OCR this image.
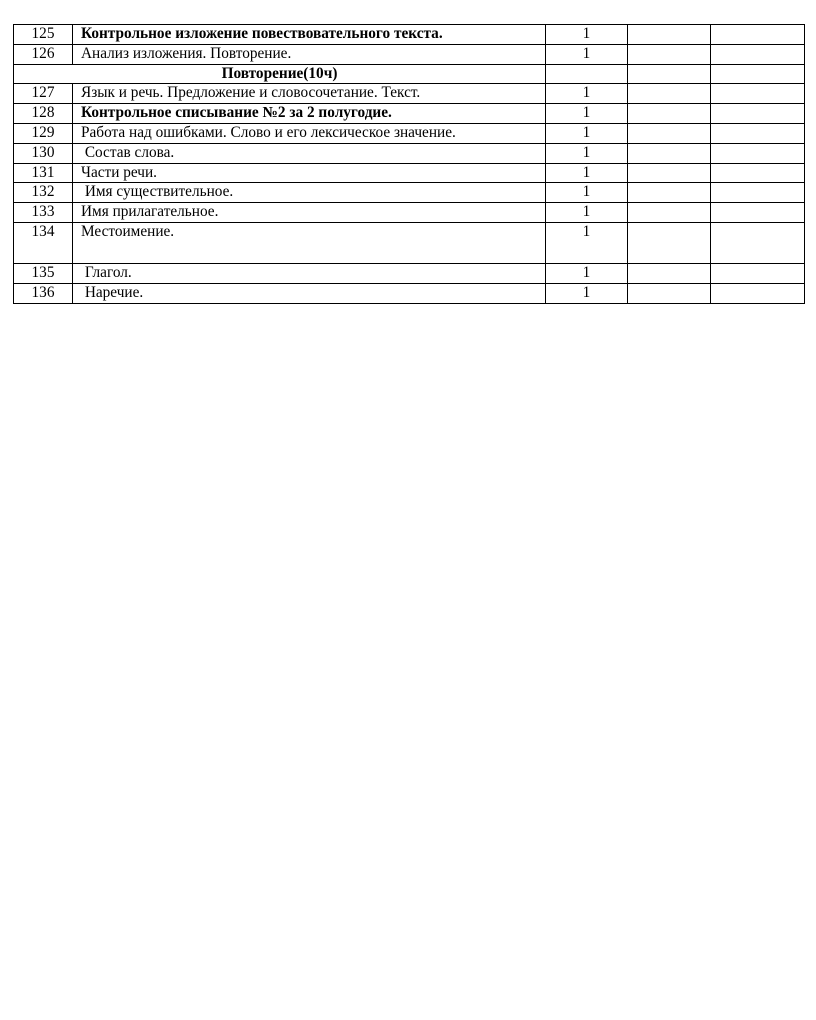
125	Контрольное изложение повествовательного текста.	1		
126	Анализ изложения. Повторение.	1		
Повторение(10ч)				
127	Язык и речь. Предложение и словосочетание. Текст.	1		
128	Контрольное списывание №2 за 2 полугодие.	1		
129	Работа над ошибками. Слово и его лексическое значение.	1		
130	Состав слова.	1		
131	Части речи.	1		
132	Имя существительное.	1		
133	Имя прилагательное.	1		
134	Местоимение.	1		
135	Глагол.	1		
136	Наречие.	1		
